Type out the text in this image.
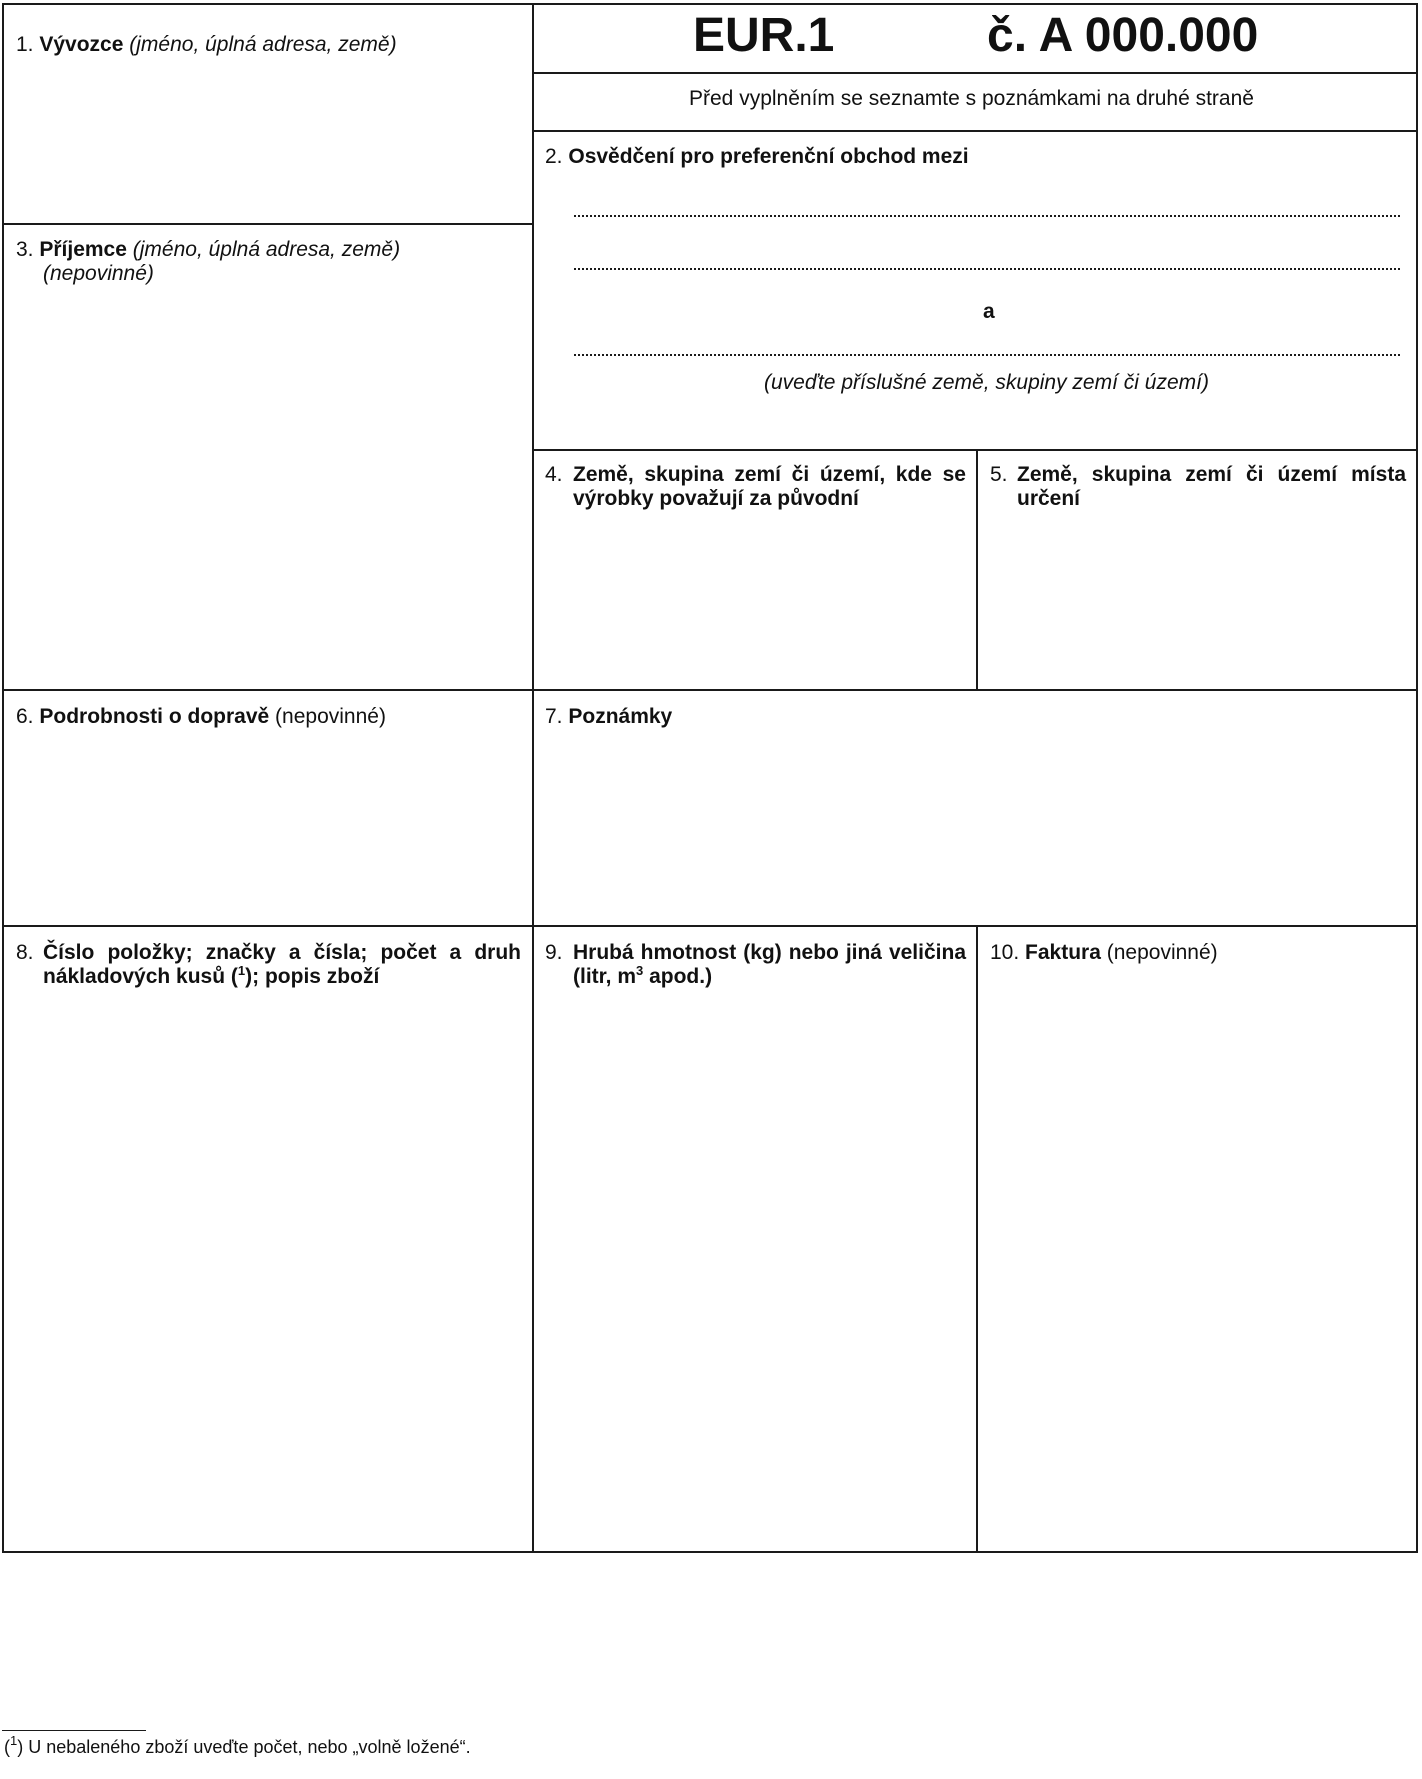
1. Vývozce (jméno, úplná adresa, země)	EUR.1	č. A 000.000
Před vyplněním se seznamte s poznámkami na druhé straně
2. Osvědčení pro preferenční obchod mezi
a
(uveďte příslušné země, skupiny zemí či území)
3. Příjemce (jméno, úplná adresa, země)
(nepovinné)
4. Země, skupina zemí či území, kde se
výrobky považují za původní
5. Země, skupina zemí či území místa
určení
6. Podrobnosti o dopravě (nepovinné)	7. Poznámky
8. Číslo položky; značky a čísla; počet a druh
nákladových kusů ($^1$); popis zboží
9. Hrubá hmotnost (kg) nebo jiná veličina
(litr, $m^3$ apod.)
10. Faktura (nepovinné)
($^1$) U nebaleného zboží uveďte počet, nebo „volně ložené“.
